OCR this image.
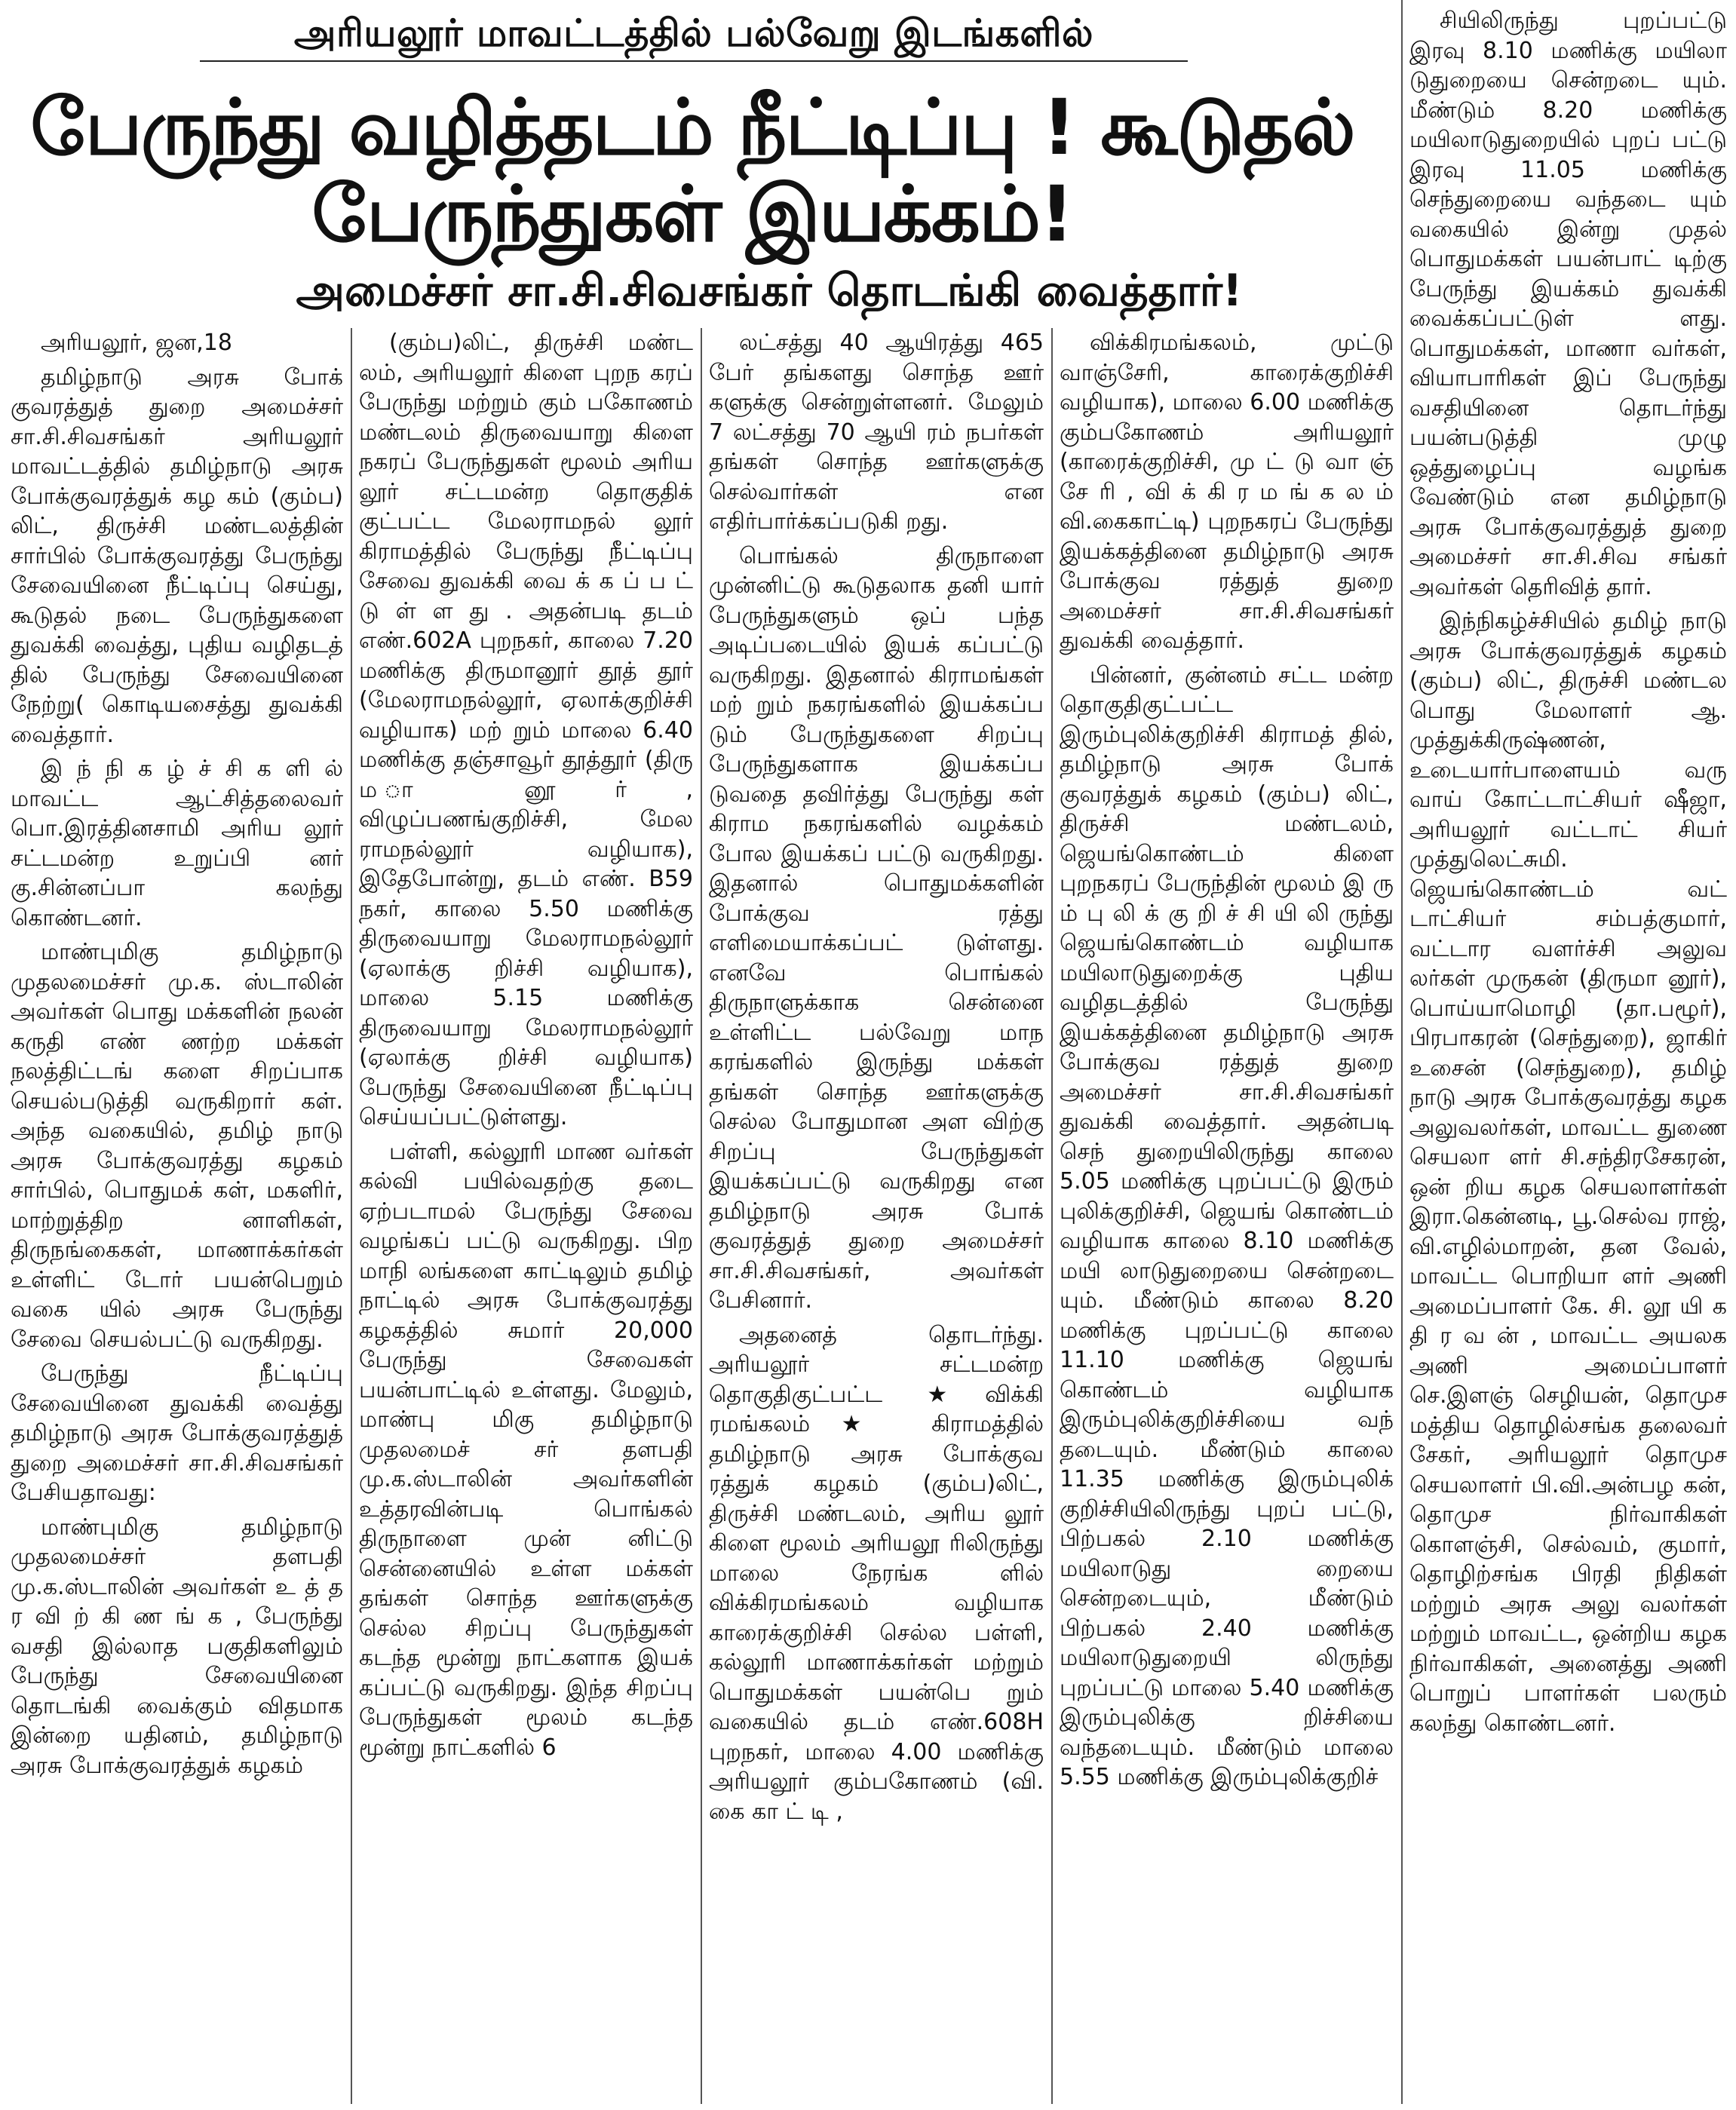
அரியலூர் மாவட்டத்தில் பல்வேறு இடங்களில்
பேருந்து வழித்தடம் நீட்டிப்பு ! கூடுதல் பேருந்துகள் இயக்கம்!
அமைச்சர் சா.சி.சிவசங்கர் தொடங்கி வைத்தார்!

அரியலூர், ஜன,18

தமிழ்நாடு அரசு போக் குவரத்துத் துறை அமைச்சர் சா.சி.சிவசங்கர் அரியலூர் மாவட்டத்தில் தமிழ்நாடு அரசு போக்குவரத்துக் கழ கம் (கும்ப) லிட், திருச்சி மண்டலத்தின் சார்பில் போக்குவரத்து பேருந்து சேவையினை நீட்டிப்பு செய்து, கூடுதல் நடை பேருந்துகளை துவக்கி வைத்து, புதிய வழிதடத் தில் பேருந்து சேவையினை நேற்று( கொடியசைத்து துவக்கி வைத்தார்.

இ ந் நி க ழ் ச் சி க ளி ல் மாவட்ட ஆட்சித்தலைவர் பொ.இரத்தினசாமி அரிய லூர் சட்டமன்ற உறுப்பி னர் கு.சின்னப்பா கலந்து கொண்டனர்.

மாண்புமிகு தமிழ்நாடு முதலமைச்சர் மு.க. ஸ்டாலின் அவர்கள் பொது மக்களின் நலன் கருதி எண் ணற்ற மக்கள் நலத்திட்டங் களை சிறப்பாக செயல்படுத்தி வருகிறார் கள். அந்த வகையில், தமிழ் நாடு அரசு போக்குவரத்து கழகம் சார்பில், பொதுமக் கள், மகளிர், மாற்றுத்திற னாளிகள், திருநங்கைகள், மாணாக்கர்கள் உள்ளிட் டோர் பயன்பெறும் வகை யில் அரசு பேருந்து சேவை செயல்பட்டு வருகிறது.

பேருந்து நீட்டிப்பு சேவையினை துவக்கி வைத்து தமிழ்நாடு அரசு போக்குவரத்துத் துறை அமைச்சர் சா.சி.சிவசங்கர் பேசியதாவது:

மாண்புமிகு தமிழ்நாடு முதலமைச்சர் தளபதி மு.க.ஸ்டாலின் அவர்கள் உ த் த ர வி ற் கி ண ங் க , பேருந்து வசதி இல்லாத பகுதிகளிலும் பேருந்து சேவையினை தொடங்கி வைக்கும் விதமாக இன்றை யதினம், தமிழ்நாடு அரசு போக்குவரத்துக் கழகம்

(கும்ப)லிட், திருச்சி மண்ட லம், அரியலூர் கிளை புறந கரப் பேருந்து மற்றும் கும் பகோணம் மண்டலம் திருவையாறு கிளை நகரப் பேருந்துகள் மூலம் அரிய லூர் சட்டமன்ற தொகுதிக் குட்பட்ட மேலராமநல் லூர் கிராமத்தில் பேருந்து நீட்டிப்பு சேவை துவக்கி வை க் க ப் ப ட் டு ள் ள து . அதன்படி தடம் எண்.602A புறநகர், காலை 7.20 மணிக்கு திருமானூர் தூத் தூர் (மேலராமநல்லூர், ஏலாக்குறிச்சி வழியாக) மற் றும் மாலை 6.40 மணிக்கு தஞ்சாவூர் தூத்தூர் (திரு ம ா னூ ர் , விழுப்பணங்குறிச்சி, மேல ராமநல்லூர் வழியாக), இதேபோன்று, தடம் எண். B59 நகர், காலை 5.50 மணிக்கு திருவையாறு மேலராமநல்லூர் (ஏலாக்கு றிச்சி வழியாக), மாலை 5.15 மணிக்கு திருவையாறு மேலராமநல்லூர் (ஏலாக்கு றிச்சி வழியாக) பேருந்து சேவையினை நீட்டிப்பு செய்யப்பட்டுள்ளது.

பள்ளி, கல்லூரி மாண வர்கள் கல்வி பயில்வதற்கு தடை ஏற்படாமல் பேருந்து சேவை வழங்கப் பட்டு வருகிறது. பிற மாநி லங்களை காட்டிலும் தமிழ் நாட்டில் அரசு போக்குவரத்து கழகத்தில் சுமார் 20,000 பேருந்து சேவைகள் பயன்பாட்டில் உள்ளது. மேலும், மாண்பு மிகு தமிழ்நாடு முதலமைச் சர் தளபதி மு.க.ஸ்டாலின் அவர்களின் உத்தரவின்படி பொங்கல் திருநாளை முன் னிட்டு சென்னையில் உள்ள மக்கள் தங்கள் சொந்த ஊர்களுக்கு செல்ல சிறப்பு பேருந்துகள் கடந்த மூன்று நாட்களாக இயக் கப்பட்டு வருகிறது. இந்த சிறப்பு பேருந்துகள் மூலம் கடந்த மூன்று நாட்களில் 6

லட்சத்து 40 ஆயிரத்து 465 பேர் தங்களது சொந்த ஊர் களுக்கு சென்றுள்ளனர். மேலும் 7 லட்சத்து 70 ஆயி ரம் நபர்கள் தங்கள் சொந்த ஊர்களுக்கு செல்வார்கள் என எதிர்பார்க்கப்படுகி றது.

பொங்கல் திருநாளை முன்னிட்டு கூடுதலாக தனி யார் பேருந்துகளும் ஒப் பந்த அடிப்படையில் இயக் கப்பட்டு வருகிறது. இதனால் கிராமங்கள் மற் றும் நகரங்களில் இயக்கப்ப டும் பேருந்துகளை சிறப்பு பேருந்துகளாக இயக்கப்ப டுவதை தவிர்த்து பேருந்து கள் கிராம நகரங்களில் வழக்கம் போல இயக்கப் பட்டு வருகிறது. இதனால் பொதுமக்களின் போக்குவ ரத்து எளிமையாக்கப்பட் டுள்ளது. எனவே பொங்கல் திருநாளுக்காக சென்னை உள்ளிட்ட பல்வேறு மாந கரங்களில் இருந்து மக்கள் தங்கள் சொந்த ஊர்களுக்கு செல்ல போதுமான அள விற்கு சிறப்பு பேருந்துகள் இயக்கப்பட்டு வருகிறது என தமிழ்நாடு அரசு போக் குவரத்துத் துறை அமைச்சர் சா.சி.சிவசங்கர், அவர்கள் பேசினார்.

அதனைத் தொடர்ந்து. அரியலூர் சட்டமன்ற தொகுதிகுட்பட்ட ★விக்கி ரமங்கலம்★ கிராமத்தில் தமிழ்நாடு அரசு போக்குவ ரத்துக் கழகம் (கும்ப)லிட், திருச்சி மண்டலம், அரிய லூர் கிளை மூலம் அரியலூ ரிலிருந்து மாலை நேரங்க ளில் விக்கிரமங்கலம் வழியாக காரைக்குறிச்சி செல்ல பள்ளி, கல்லூரி மாணாக்கர்கள் மற்றும் பொதுமக்கள் பயன்பெ றும் வகையில் தடம் எண்.608H புறநகர், மாலை 4.00 மணிக்கு அரியலூர் கும்பகோணம் (வி. கை கா ட் டி ,

விக்கிரமங்கலம், முட்டு வாஞ்சேரி, காரைக்குறிச்சி வழியாக), மாலை 6.00 மணிக்கு கும்பகோணம் அரியலூர் (காரைக்குறிச்சி, மு ட் டு வா ஞ் சே ரி , வி க் கி ர ம ங் க ல ம் வி.கைகாட்டி) புறநகரப் பேருந்து இயக்கத்தினை தமிழ்நாடு அரசு போக்குவ ரத்துத் துறை அமைச்சர் சா.சி.சிவசங்கர் துவக்கி வைத்தார்.

பின்னர், குன்னம் சட்ட மன்ற தொகுதிகுட்பட்ட இரும்புலிக்குறிச்சி கிராமத் தில், தமிழ்நாடு அரசு போக் குவரத்துக் கழகம் (கும்ப) லிட், திருச்சி மண்டலம், ஜெயங்கொண்டம் கிளை புறநகரப் பேருந்தின் மூலம் இ ரு ம் பு லி க் கு றி ச் சி யி லி ருந்து ஜெயங்கொண்டம் வழியாக மயிலாடுதுறைக்கு புதிய வழிதடத்தில் பேருந்து இயக்கத்தினை தமிழ்நாடு அரசு போக்குவ ரத்துத் துறை அமைச்சர் சா.சி.சிவசங்கர் துவக்கி வைத்தார். அதன்படி செந் துறையிலிருந்து காலை 5.05 மணிக்கு புறப்பட்டு இரும் புலிக்குறிச்சி, ஜெயங் கொண்டம் வழியாக காலை 8.10 மணிக்கு மயி லாடுதுறையை சென்றடை யும். மீண்டும் காலை 8.20 மணிக்கு புறப்பட்டு காலை 11.10 மணிக்கு ஜெயங் கொண்டம் வழியாக இரும்புலிக்குறிச்சியை வந் தடையும். மீண்டும் காலை 11.35 மணிக்கு இரும்புலிக் குறிச்சியிலிருந்து புறப் பட்டு, பிற்பகல் 2.10 மணிக்கு மயிலாடுது றையை சென்றடையும், மீண்டும் பிற்பகல் 2.40 மணிக்கு மயிலாடுதுறையி லிருந்து புறப்பட்டு மாலை 5.40 மணிக்கு இரும்புலிக்கு றிச்சியை வந்தடையும். மீண்டும் மாலை 5.55 மணிக்கு இரும்புலிக்குறிச்

சியிலிருந்து புறப்பட்டு இரவு 8.10 மணிக்கு மயிலா டுதுறையை சென்றடை யும். மீண்டும் 8.20 மணிக்கு மயிலாடுதுறையில் புறப் பட்டு இரவு 11.05 மணிக்கு செந்துறையை வந்தடை யும் வகையில் இன்று முதல் பொதுமக்கள் பயன்பாட் டிற்கு பேருந்து இயக்கம் துவக்கி வைக்கப்பட்டுள் ளது. பொதுமக்கள், மாணா வர்கள், வியாபாரிகள் இப் பேருந்து வசதியினை தொடர்ந்து பயன்படுத்தி முழு ஒத்துழைப்பு வழங்க வேண்டும் என தமிழ்நாடு அரசு போக்குவரத்துத் துறை அமைச்சர் சா.சி.சிவ சங்கர் அவர்கள் தெரிவித் தார்.

இந்நிகழ்ச்சியில் தமிழ் நாடு அரசு போக்குவரத்துக் கழகம் (கும்ப) லிட், திருச்சி மண்டல பொது மேலாளர் ஆ. முத்துக்கிருஷ்ணன், உடையார்பாளையம் வரு வாய் கோட்டாட்சியர் ஷீஜா, அரியலூர் வட்டாட் சியர் முத்துலெட்சுமி. ஜெயங்கொண்டம் வட் டாட்சியர் சம்பத்குமார், வட்டார வளர்ச்சி அலுவ லர்கள் முருகன் (திருமா னூர்), பொய்யாமொழி (தா.பழூர்), பிரபாகரன் (செந்துறை), ஜாகிர் உசைன் (செந்துறை), தமிழ் நாடு அரசு போக்குவரத்து கழக அலுவலர்கள், மாவட்ட துணை செயலா ளர் சி.சந்திரசேகரன், ஒன் றிய கழக செயலாளர்கள் இரா.கென்னடி, பூ.செல்வ ராஜ், வி.எழில்மாறன், தன வேல், மாவட்ட பொறியா ளர் அணி அமைப்பாளர் கே. சி. லூ யி க தி ர வ ன் , மாவட்ட அயலக அணி அமைப்பாளர் செ.இளஞ் செழியன், தொமுச மத்திய தொழில்சங்க தலைவர் சேகர், அரியலூர் தொமுச செயலாளர் பி.வி.அன்பழ கன், தொமுச நிர்வாகிகள் கொளஞ்சி, செல்வம், குமார், தொழிற்சங்க பிரதி நிதிகள் மற்றும் அரசு அலு வலர்கள் மற்றும் மாவட்ட, ஒன்றிய கழக நிர்வாகிகள், அனைத்து அணி பொறுப் பாளர்கள் பலரும் கலந்து கொண்டனர்.
